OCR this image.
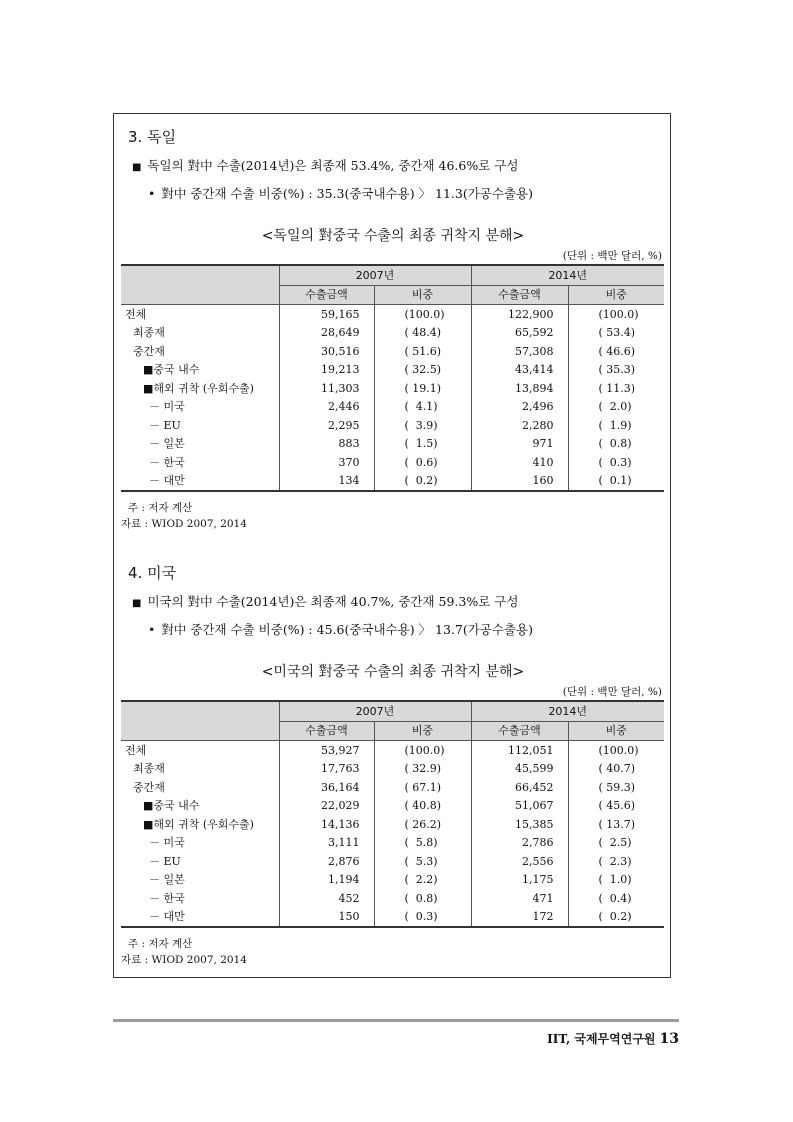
3. 독일
■ 독일의 對中 수출(2014년)은 최종재 53.4%, 중간재 46.6%로 구성
• 對中 중간재 수출 비중(%) : 35.3(중국내수용) 〉 11.3(가공수출용)
<독일의 對중국 수출의 최종 귀착지 분해>
(단위 : 백만 달러, %)
	2007년		2014년	
	수출금액	비중	수출금액	비중
전체	59,165	(100.0)	122,900	(100.0)
최종재	28,649	( 48.4)	65,592	( 53.4)
중간재	30,516	( 51.6)	57,308	( 46.6)
■중국 내수	19,213	( 32.5)	43,414	( 35.3)
■해외 귀착 (우회수출)	11,303	( 19.1)	13,894	( 11.3)
－ 미국	2,446	(  4.1)	2,496	(  2.0)
－ EU	2,295	(  3.9)	2,280	(  1.9)
－ 일본	883	(  1.5)	971	(  0.8)
－ 한국	370	(  0.6)	410	(  0.3)
－ 대만	134	(  0.2)	160	(  0.1)
주 : 저자 계산
자료 : WIOD 2007, 2014
4. 미국
■ 미국의 對中 수출(2014년)은 최종재 40.7%, 중간재 59.3%로 구성
• 對中 중간재 수출 비중(%) : 45.6(중국내수용) 〉 13.7(가공수출용)
<미국의 對중국 수출의 최종 귀착지 분해>
(단위 : 백만 달러, %)
	2007년		2014년	
	수출금액	비중	수출금액	비중
전체	53,927	(100.0)	112,051	(100.0)
최종재	17,763	( 32.9)	45,599	( 40.7)
중간재	36,164	( 67.1)	66,452	( 59.3)
■중국 내수	22,029	( 40.8)	51,067	( 45.6)
■해외 귀착 (우회수출)	14,136	( 26.2)	15,385	( 13.7)
－ 미국	3,111	(  5.8)	2,786	(  2.5)
－ EU	2,876	(  5.3)	2,556	(  2.3)
－ 일본	1,194	(  2.2)	1,175	(  1.0)
－ 한국	452	(  0.8)	471	(  0.4)
－ 대만	150	(  0.3)	172	(  0.2)
주 : 저자 계산
자료 : WIOD 2007, 2014
IIT, 국제무역연구원 13
